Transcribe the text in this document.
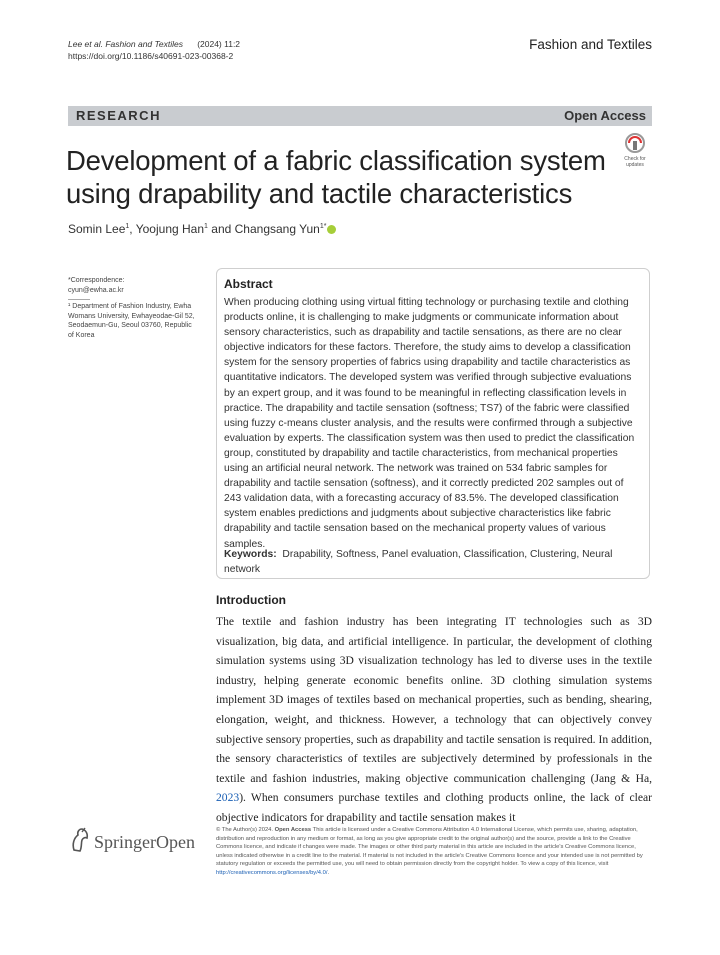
Lee et al. Fashion and Textiles (2024) 11:2
https://doi.org/10.1186/s40691-023-00368-2
Fashion and Textiles
RESEARCH	Open Access
Development of a fabric classification system using drapability and tactile characteristics
Check for
updates
Somin Lee$^1$, Yoojung Han$^1$ and Changsang Yun$^{1*}$
*Correspondence:
cyun@ewha.ac.kr
¹ Department of Fashion Industry, Ewha Womans University, Ewhayeodae-Gil 52, Seodaemun-Gu, Seoul 03760, Republic of Korea
Abstract
When producing clothing using virtual fitting technology or purchasing textile and clothing products online, it is challenging to make judgments or communicate information about sensory characteristics, such as drapability and tactile sensations, as there are no clear objective indicators for these factors. Therefore, the study aims to develop a classification system for the sensory properties of fabrics using drapability and tactile characteristics as quantitative indicators. The developed system was verified through subjective evaluations by an expert group, and it was found to be meaningful in reflecting classification levels in practice. The drapability and tactile sensation (softness; TS7) of the fabric were classified using fuzzy c-means cluster analysis, and the results were confirmed through a subjective evaluation by experts. The classification system was then used to predict the classification group, constituted by drapability and tactile characteristics, from mechanical properties using an artificial neural network. The network was trained on 534 fabric samples for drapability and tactile sensation (softness), and it correctly predicted 202 samples out of 243 validation data, with a forecasting accuracy of 83.5%. The developed classification system enables predictions and judgments about subjective characteristics like fabric drapability and tactile sensation based on the mechanical property values of various samples.
Keywords: Drapability, Softness, Panel evaluation, Classification, Clustering, Neural network
Introduction
The textile and fashion industry has been integrating IT technologies such as 3D visualization, big data, and artificial intelligence. In particular, the development of clothing simulation systems using 3D visualization technology has led to diverse uses in the textile industry, helping generate economic benefits online. 3D clothing simulation systems implement 3D images of textiles based on mechanical properties, such as bending, shearing, elongation, weight, and thickness. However, a technology that can objectively convey subjective sensory properties, such as drapability and tactile sensation is required. In addition, the sensory characteristics of textiles are subjectively determined by professionals in the textile and fashion industries, making objective communication challenging (Jang & Ha, 2023). When consumers purchase textiles and clothing products online, the lack of clear objective indicators for drapability and tactile sensation makes it
SpringerOpen
© The Author(s) 2024. Open Access This article is licensed under a Creative Commons Attribution 4.0 International License, which permits use, sharing, adaptation, distribution and reproduction in any medium or format, as long as you give appropriate credit to the original author(s) and the source, provide a link to the Creative Commons licence, and indicate if changes were made. The images or other third party material in this article are included in the article's Creative Commons licence, unless indicated otherwise in a credit line to the material. If material is not included in the article's Creative Commons licence and your intended use is not permitted by statutory regulation or exceeds the permitted use, you will need to obtain permission directly from the copyright holder. To view a copy of this licence, visit http://creativecommons.org/licenses/by/4.0/.
